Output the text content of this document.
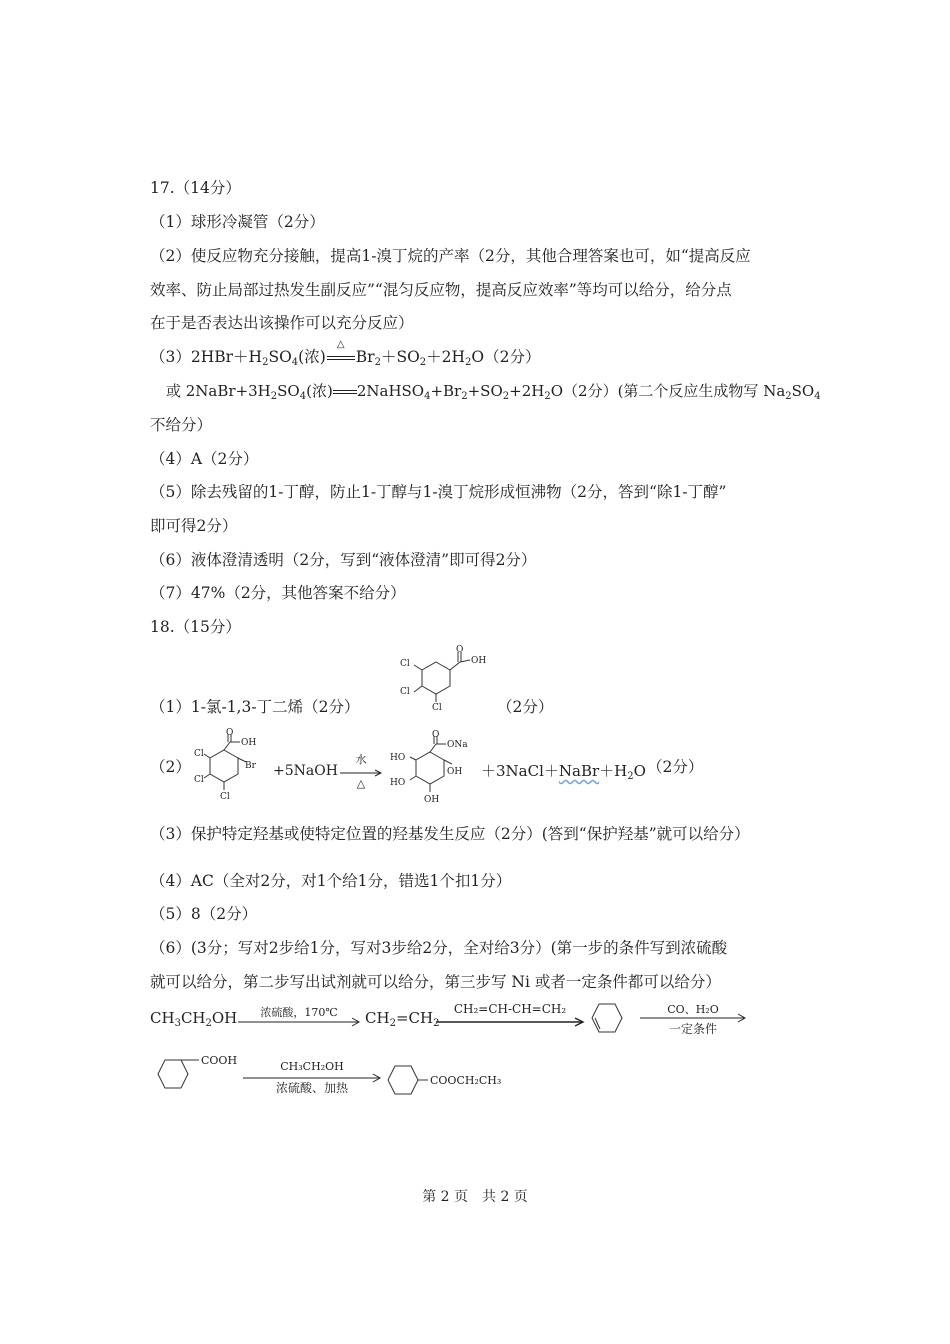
17.（14分）
（1）球形冷凝管（2分）
（2）使反应物充分接触，提高1-溴丁烷的产率（2分，其他合理答案也可，如“提高反应
效率、防止局部过热发生副反应”“混匀反应物，提高反应效率”等均可以给分，给分点
在于是否表达出该操作可以充分反应）
$(3)2HBr+H_2SO_4$(浓)
△
$Br_2+SO_2+2H_2O(2$分）
或 $2NaBr+3H_2SO_4$(浓) $2NaHSO_4+Br_2+SO_2+2H_2O(2$分）(第二个反应生成物写 $Na_2SO_4$
不给分）
（4）A（2分）
（5）除去残留的1-丁醇，防止1-丁醇与1-溴丁烷形成恒沸物（2分，答到“除1-丁醇”
即可得2分）
（6）液体澄清透明（2分，写到“液体澄清”即可得2分）
（7）47%（2分，其他答案不给分）
18.（15分）
（1）1-氯-1,3-丁二烯（2分）	（2分）
O
OH
Cl
Cl
Cl
（2）
O
OH
Br
Cl
Cl
Cl
+5NaOH
水
△
O
ONa
OH
HO
HO
OH
$+3NaCl+NaBr+H_2O$ （2分）
（3）保护特定羟基或使特定位置的羟基发生反应（2分）(答到“保护羟基”就可以给分）
（4）AC（全对2分，对1个给1分，错选1个扣1分）
（5）8（2分）
（6）(3分；写对2步给1分，写对3步给2分，全对给3分）(第一步的条件写到浓硫酸
就可以给分，第二步写出试剂就可以给分，第三步写 Ni 或者一定条件都可以给分）
$CH_3CH_2OH$	浓硫酸，170℃	$CH_2=CH_2$
CH₂=CH-CH=CH₂	CO、H₂O
一定条件
COOH	CH₃CH₂OH
浓硫酸、加热
COOCH₂CH₃
第 2 页　共 2 页
